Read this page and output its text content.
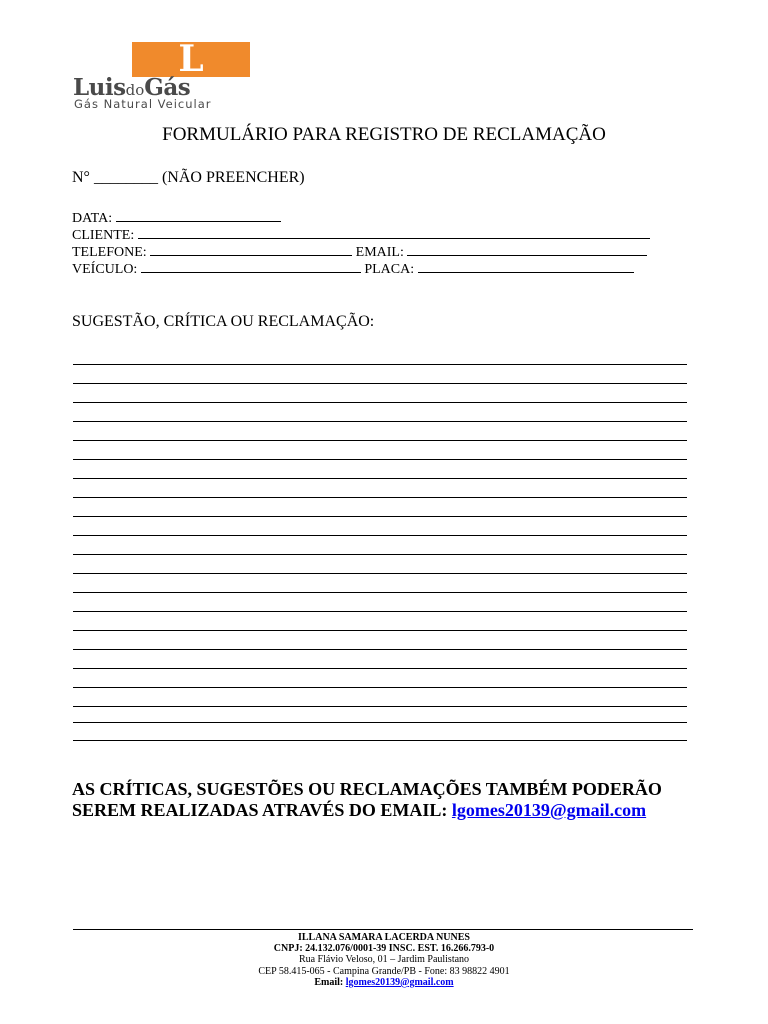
L
LuisdoGás
Gás Natural Veicular
FORMULÁRIO PARA REGISTRO DE RECLAMAÇÃO
N° ________ (NÃO PREENCHER)
DATA:
CLIENTE:
TELEFONE:	EMAIL:
VEÍCULO:	PLACA:
SUGESTÃO, CRÍTICA OU RECLAMAÇÃO:
AS CRÍTICAS, SUGESTÕES OU RECLAMAÇÕES TAMBÉM PODERÃO
SEREM REALIZADAS ATRAVÉS DO EMAIL: lgomes20139@gmail.com
ILLANA SAMARA LACERDA NUNES
CNPJ: 24.132.076/0001-39 INSC. EST. 16.266.793-0
Rua Flávio Veloso, 01 – Jardim Paulistano
CEP 58.415-065 - Campina Grande/PB - Fone: 83 98822 4901
Email: lgomes20139@gmail.com
